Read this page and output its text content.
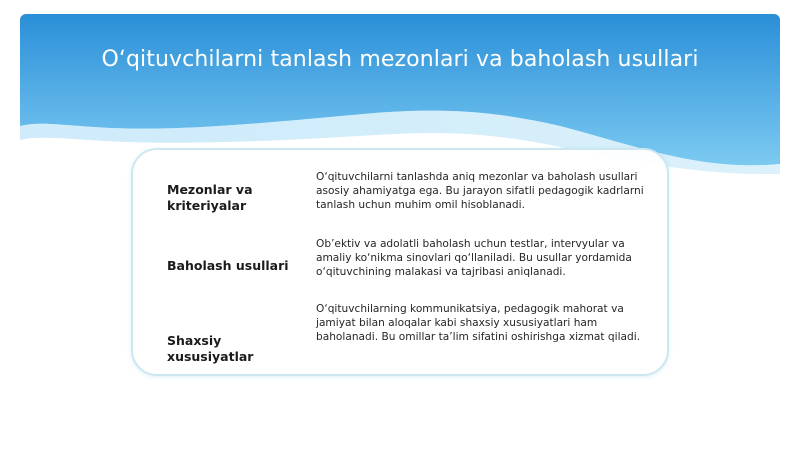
O‘qituvchilarni tanlash mezonlari va baholash usullari
Mezonlar va kriteriyalar
O‘qituvchilarni tanlashda aniq mezonlar va baholash usullari asosiy ahamiyatga ega. Bu jarayon sifatli pedagogik kadrlarni tanlash uchun muhim omil hisoblanadi.
Baholash usullari
Ob’ektiv va adolatli baholash uchun testlar, intervyular va amaliy ko‘nikma sinovlari qo‘llaniladi. Bu usullar yordamida o‘qituvchining malakasi va tajribasi aniqlanadi.
Shaxsiy xususiyatlar
O‘qituvchilarning kommunikatsiya, pedagogik mahorat va jamiyat bilan aloqalar kabi shaxsiy xususiyatlari ham baholanadi. Bu omillar ta’lim sifatini oshirishga xizmat qiladi.
